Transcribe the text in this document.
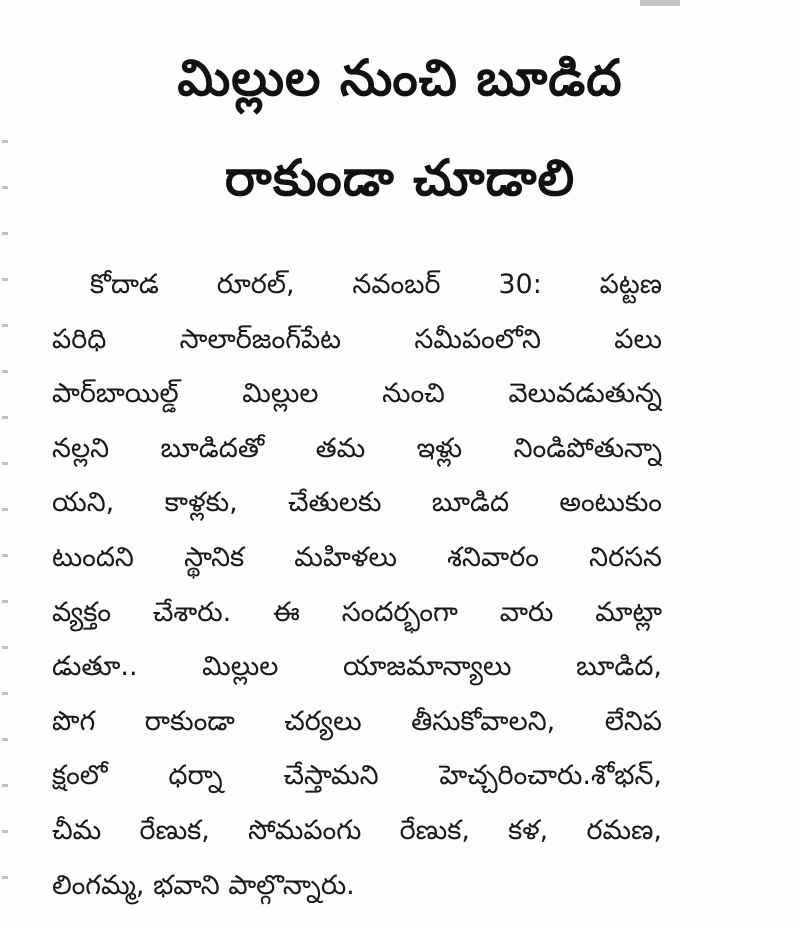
మిల్లుల నుంచి బూడిద
రాకుండా చూడాలి
కోదాడ రూరల్, నవంబర్ 30: పట్టణ
పరిధి సాలార్‌జంగ్‌పేట సమీపంలోని పలు
పార్‌బాయిల్డ్ మిల్లుల నుంచి వెలువడుతున్న
నల్లని బూడిదతో తమ ఇళ్లు నిండిపోతున్నా
యని, కాళ్లకు, చేతులకు బూడిద అంటుకుం
టుందని స్థానిక మహిళలు శనివారం నిరసన
వ్యక్తం చేశారు. ఈ సందర్భంగా వారు మాట్లా
డుతూ.. మిల్లుల యాజమాన్యాలు బూడిద,
పొగ రాకుండా చర్యలు తీసుకోవాలని, లేనిప
క్షంలో ధర్నా చేస్తామని హెచ్చరించారు.శోభన్,
చీమ రేణుక, సోమపంగు రేణుక, కళ, రమణ,
లింగమ్మ, భవాని పాల్గొన్నారు.
